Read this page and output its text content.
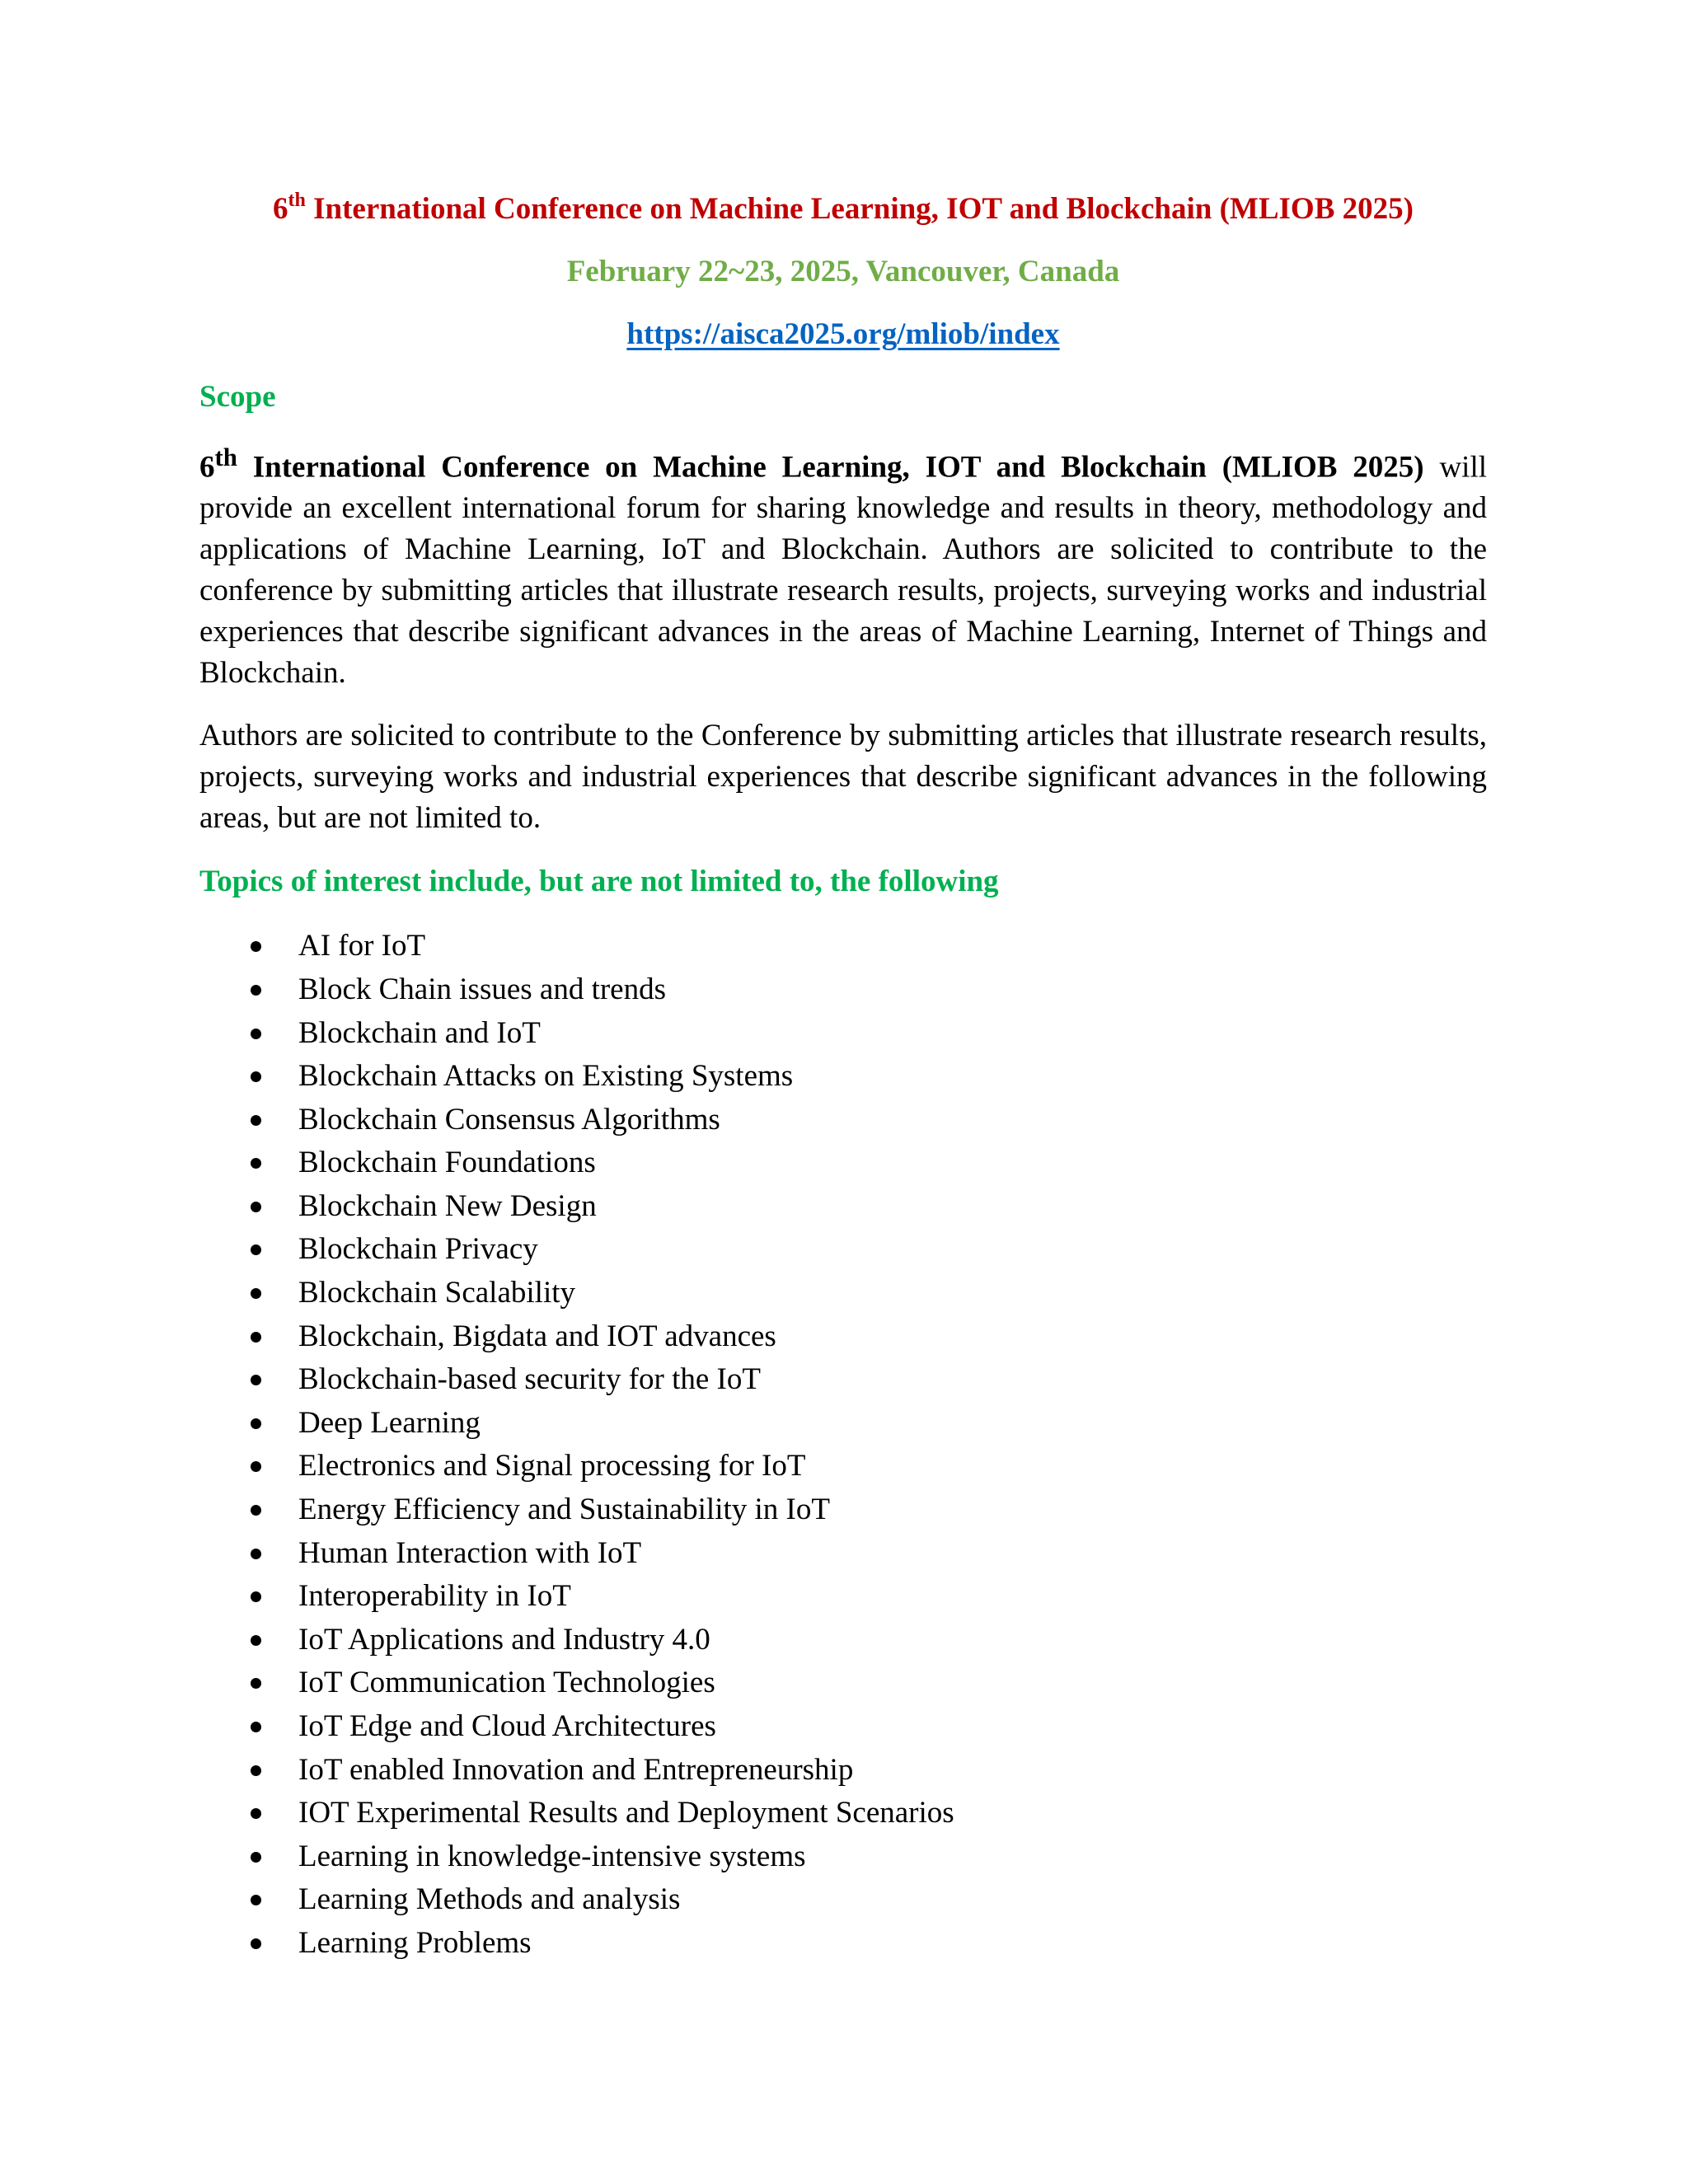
6th International Conference on Machine Learning, IOT and Blockchain (MLIOB 2025)

February 22~23, 2025, Vancouver, Canada

https://aisca2025.org/mliob/index

Scope

6th International Conference on Machine Learning, IOT and Blockchain (MLIOB 2025) will provide an excellent international forum for sharing knowledge and results in theory, methodology and applications of Machine Learning, IoT and Blockchain. Authors are solicited to contribute to the conference by submitting articles that illustrate research results, projects, surveying works and industrial experiences that describe significant advances in the areas of Machine Learning, Internet of Things and Blockchain.

Authors are solicited to contribute to the Conference by submitting articles that illustrate research results, projects, surveying works and industrial experiences that describe significant advances in the following areas, but are not limited to.

Topics of interest include, but are not limited to, the following
AI for IoT
Block Chain issues and trends
Blockchain and IoT
Blockchain Attacks on Existing Systems
Blockchain Consensus Algorithms
Blockchain Foundations
Blockchain New Design
Blockchain Privacy
Blockchain Scalability
Blockchain, Bigdata and IOT advances
Blockchain-based security for the IoT
Deep Learning
Electronics and Signal processing for IoT
Energy Efficiency and Sustainability in IoT
Human Interaction with IoT
Interoperability in IoT
IoT Applications and Industry 4.0
IoT Communication Technologies
IoT Edge and Cloud Architectures
IoT enabled Innovation and Entrepreneurship
IOT Experimental Results and Deployment Scenarios
Learning in knowledge-intensive systems
Learning Methods and analysis
Learning Problems
